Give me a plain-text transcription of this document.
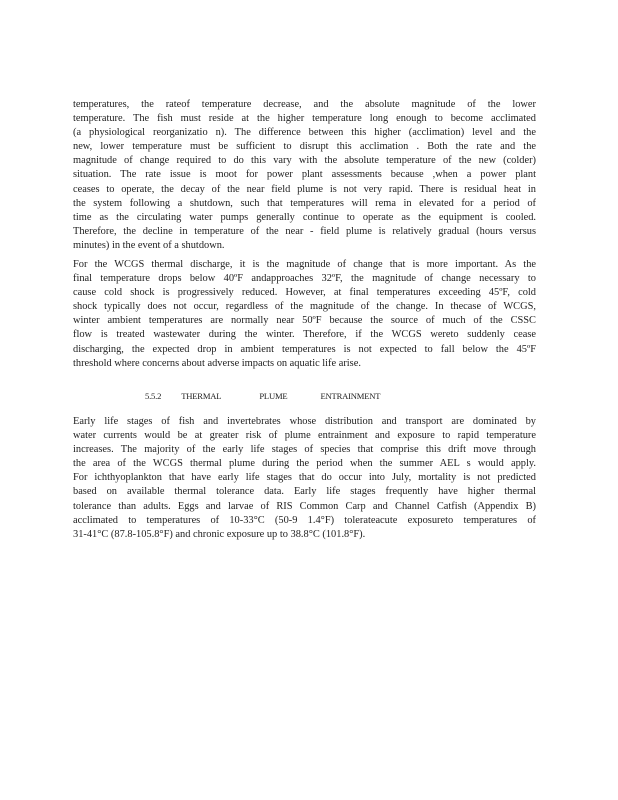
temperatures, the rateof temperature decrease, and the absolute magnitude of the lower
temperature. The fish must reside at the higher temperature long enough to become acclimated
(a physiological reorganizatio n). The difference between this higher (acclimation) level and the
new, lower temperature must be sufficient to disrupt this acclimation . Both the rate and the
magnitude of change required to do this vary with the absolute temperature of the new (colder)
situation. The rate issue is moot for power plant assessments because ,when a power plant
ceases to operate, the decay of the near field plume is not very rapid. There is residual heat in
the system following a shutdown, such that temperatures will rema in elevated for a period of
time as the circulating water pumps generally continue to operate as the equipment is cooled.
Therefore, the decline in temperature of the near - field plume is relatively gradual (hours versus
minutes) in the event of a shutdown.
For the WCGS thermal discharge, it is the magnitude of change that is more important. As the
final temperature drops below 40ºF andapproaches 32ºF, the magnitude of change necessary to
cause cold shock is progressively reduced. However, at final temperatures exceeding 45ºF, cold
shock typically does not occur, regardless of the magnitude of the change. In thecase of WCGS,
winter ambient temperatures are normally near 50ºF because the source of much of the CSSC
flow is treated wastewater during the winter. Therefore, if the WCGS wereto suddenly cease
discharging, the expected drop in ambient temperatures is not expected to fall below the 45ºF
threshold where concerns about adverse impacts on aquatic life arise.
5.5.2 THERMAL	PLUME	ENTRAINMENT
Early life stages of fish and invertebrates whose distribution and transport are dominated by
water currents would be at greater risk of plume entrainment and exposure to rapid temperature
increases. The majority of the early life stages of species that comprise this drift move through
the area of the WCGS thermal plume during the period when the summer AEL s would apply.
For ichthyoplankton that have early life stages that do occur into July, mortality is not predicted
based on available thermal tolerance data. Early life stages frequently have higher thermal
tolerance than adults. Eggs and larvae of RIS Common Carp and Channel Catfish (Appendix B)
acclimated to temperatures of 10-33°C (50-9 1.4°F) tolerateacute exposureto temperatures of
31-41°C (87.8-105.8°F) and chronic exposure up to 38.8°C (101.8°F).
